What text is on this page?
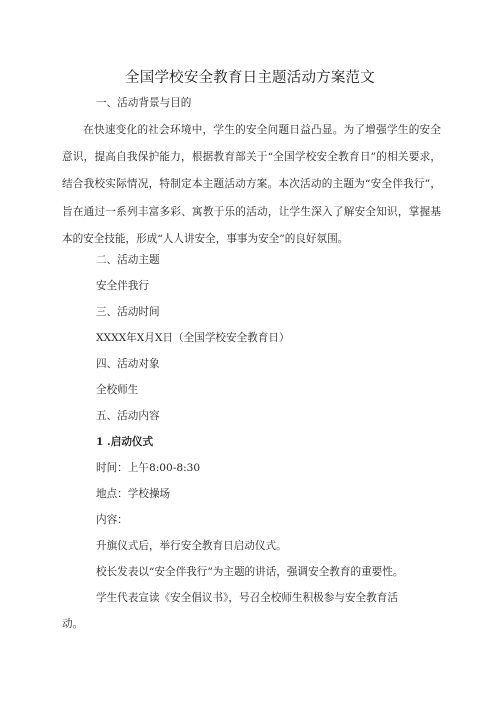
全国学校安全教育日主题活动方案范文
一、活动背景与目的
在快速变化的社会环境中，学生的安全问题日益凸显。为了增强学生的安全意识，提高自我保护能力，根据教育部关于“全国学校安全教育日”的相关要求，结合我校实际情况，特制定本主题活动方案。本次活动的主题为“安全伴我行”，旨在通过一系列丰富多彩、寓教于乐的活动，让学生深入了解安全知识，掌握基本的安全技能，形成“人人讲安全，事事为安全”的良好氛围。
二、活动主题
安全伴我行
三、活动时间
XXXX年X月X日（全国学校安全教育日）
四、活动对象
全校师生
五、活动内容
1 .启动仪式
时间：上午8:00-8:30
地点：学校操场
内容：
升旗仪式后，举行安全教育日启动仪式。
校长发表以“安全伴我行”为主题的讲话，强调安全教育的重要性。
学生代表宣读《安全倡议书》，号召全校师生积极参与安全教育活
动。
